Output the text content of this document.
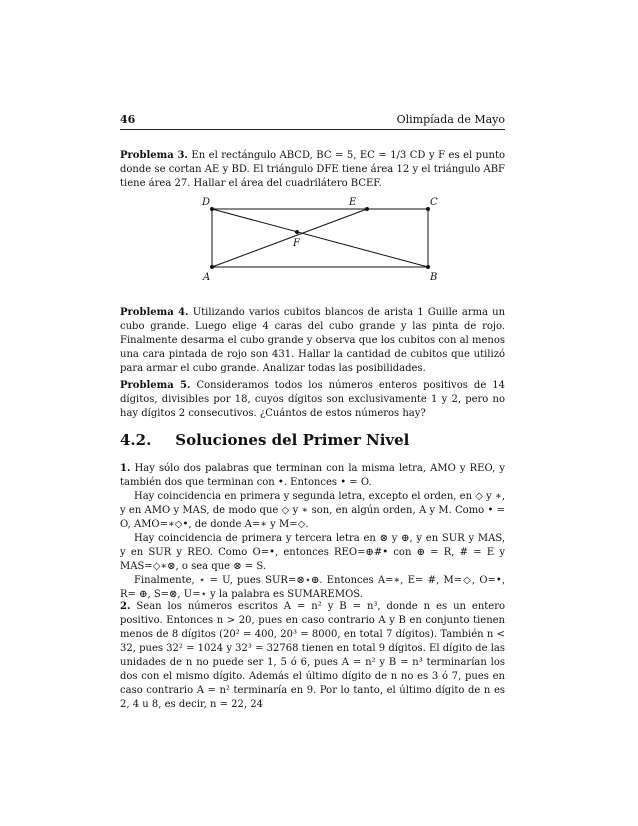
46	Olimpíada de Mayo

Problema 3. En el rectángulo ABCD, BC = 5, EC = 1/3 CD y F es el punto donde se cortan AE y BD. El triángulo DFE tiene área 12 y el triángulo ABF tiene área 27. Hallar el área del cuadrilátero BCEF.

D	E	C
A	B
F

Problema 4. Utilizando varios cubitos blancos de arista 1 Guille arma un cubo grande. Luego elige 4 caras del cubo grande y las pinta de rojo. Finalmente desarma el cubo grande y observa que los cubitos con al menos una cara pintada de rojo son 431. Hallar la cantidad de cubitos que utilizó para armar el cubo grande. Analizar todas las posibilidades.

Problema 5. Consideramos todos los números enteros positivos de 14 dígitos, divisibles por 18, cuyos dígitos son exclusivamente 1 y 2, pero no hay dígitos 2 consecutivos. ¿Cuántos de estos números hay?

4.2. Soluciones del Primer Nivel
1. Hay sólo dos palabras que terminan con la misma letra, AMO y REO, y también dos que terminan con •. Entonces • = O.
Hay coincidencia en primera y segunda letra, excepto el orden, en ◇ y ∗, y en AMO y MAS, de modo que ◇ y ∗ son, en algún orden, A y M. Como • = O, AMO=∗◇•, de donde A=∗ y M=◇.
Hay coincidencia de primera y tercera letra en ⊗ y ⊕, y en SUR y MAS, y en SUR y REO. Como O=•, entonces REO=⊕#• con ⊕ = R, # = E y MAS=◇∗⊗, o sea que ⊗ = S.
Finalmente, ⋆ = U, pues SUR=⊗⋆⊕. Entonces A=∗, E= #, M=◇, O=•, R= ⊕, S=⊗, U=⋆ y la palabra es SUMAREMOS.

2. Sean los números escritos A = n² y B = n³, donde n es un entero positivo. Entonces n > 20, pues en caso contrario A y B en conjunto tienen menos de 8 dígitos (20² = 400, 20³ = 8000, en total 7 dígitos). También n < 32, pues 32² = 1024 y 32³ = 32768 tienen en total 9 dígitos. El dígito de las unidades de n no puede ser 1, 5 ó 6, pues A = n² y B = n³ terminarían los dos con el mismo dígito. Además el último dígito de n no es 3 ó 7, pues en caso contrario A = n² terminaría en 9. Por lo tanto, el último dígito de n es 2, 4 u 8, es decir, n = 22, 24
